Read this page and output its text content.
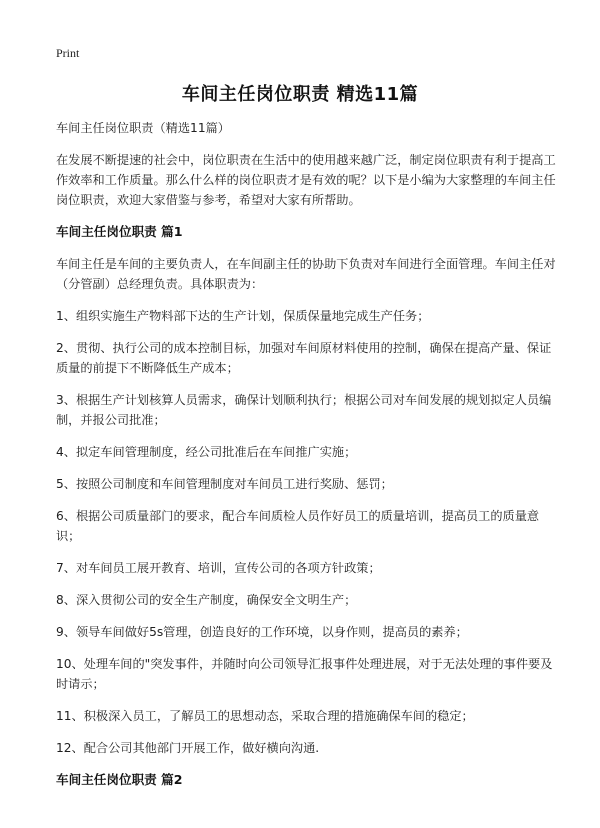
Print
车间主任岗位职责 精选11篇

车间主任岗位职责（精选11篇）

在发展不断提速的社会中，岗位职责在生活中的使用越来越广泛，制定岗位职责有利于提高工作效率和工作质量。那么什么样的岗位职责才是有效的呢？以下是小编为大家整理的车间主任岗位职责，欢迎大家借鉴与参考，希望对大家有所帮助。

车间主任岗位职责 篇1

车间主任是车间的主要负责人，在车间副主任的协助下负责对车间进行全面管理。车间主任对（分管副）总经理负责。具体职责为：

1、组织实施生产物料部下达的生产计划，保质保量地完成生产任务；

2、贯彻、执行公司的成本控制目标，加强对车间原材料使用的控制，确保在提高产量、保证质量的前提下不断降低生产成本；

3、根据生产计划核算人员需求，确保计划顺利执行；根据公司对车间发展的规划拟定人员编制，并报公司批准；

4、拟定车间管理制度，经公司批准后在车间推广实施；

5、按照公司制度和车间管理制度对车间员工进行奖励、惩罚；

6、根据公司质量部门的要求，配合车间质检人员作好员工的质量培训，提高员工的质量意识；

7、对车间员工展开教育、培训，宣传公司的各项方针政策；

8、深入贯彻公司的安全生产制度，确保安全文明生产；

9、领导车间做好5s管理，创造良好的工作环境，以身作则，提高员的素养；

10、处理车间的"突发事件，并随时向公司领导汇报事件处理进展，对于无法处理的事件要及时请示；

11、积极深入员工，了解员工的思想动态，采取合理的措施确保车间的稳定；

12、配合公司其他部门开展工作，做好横向沟通.

车间主任岗位职责 篇2
